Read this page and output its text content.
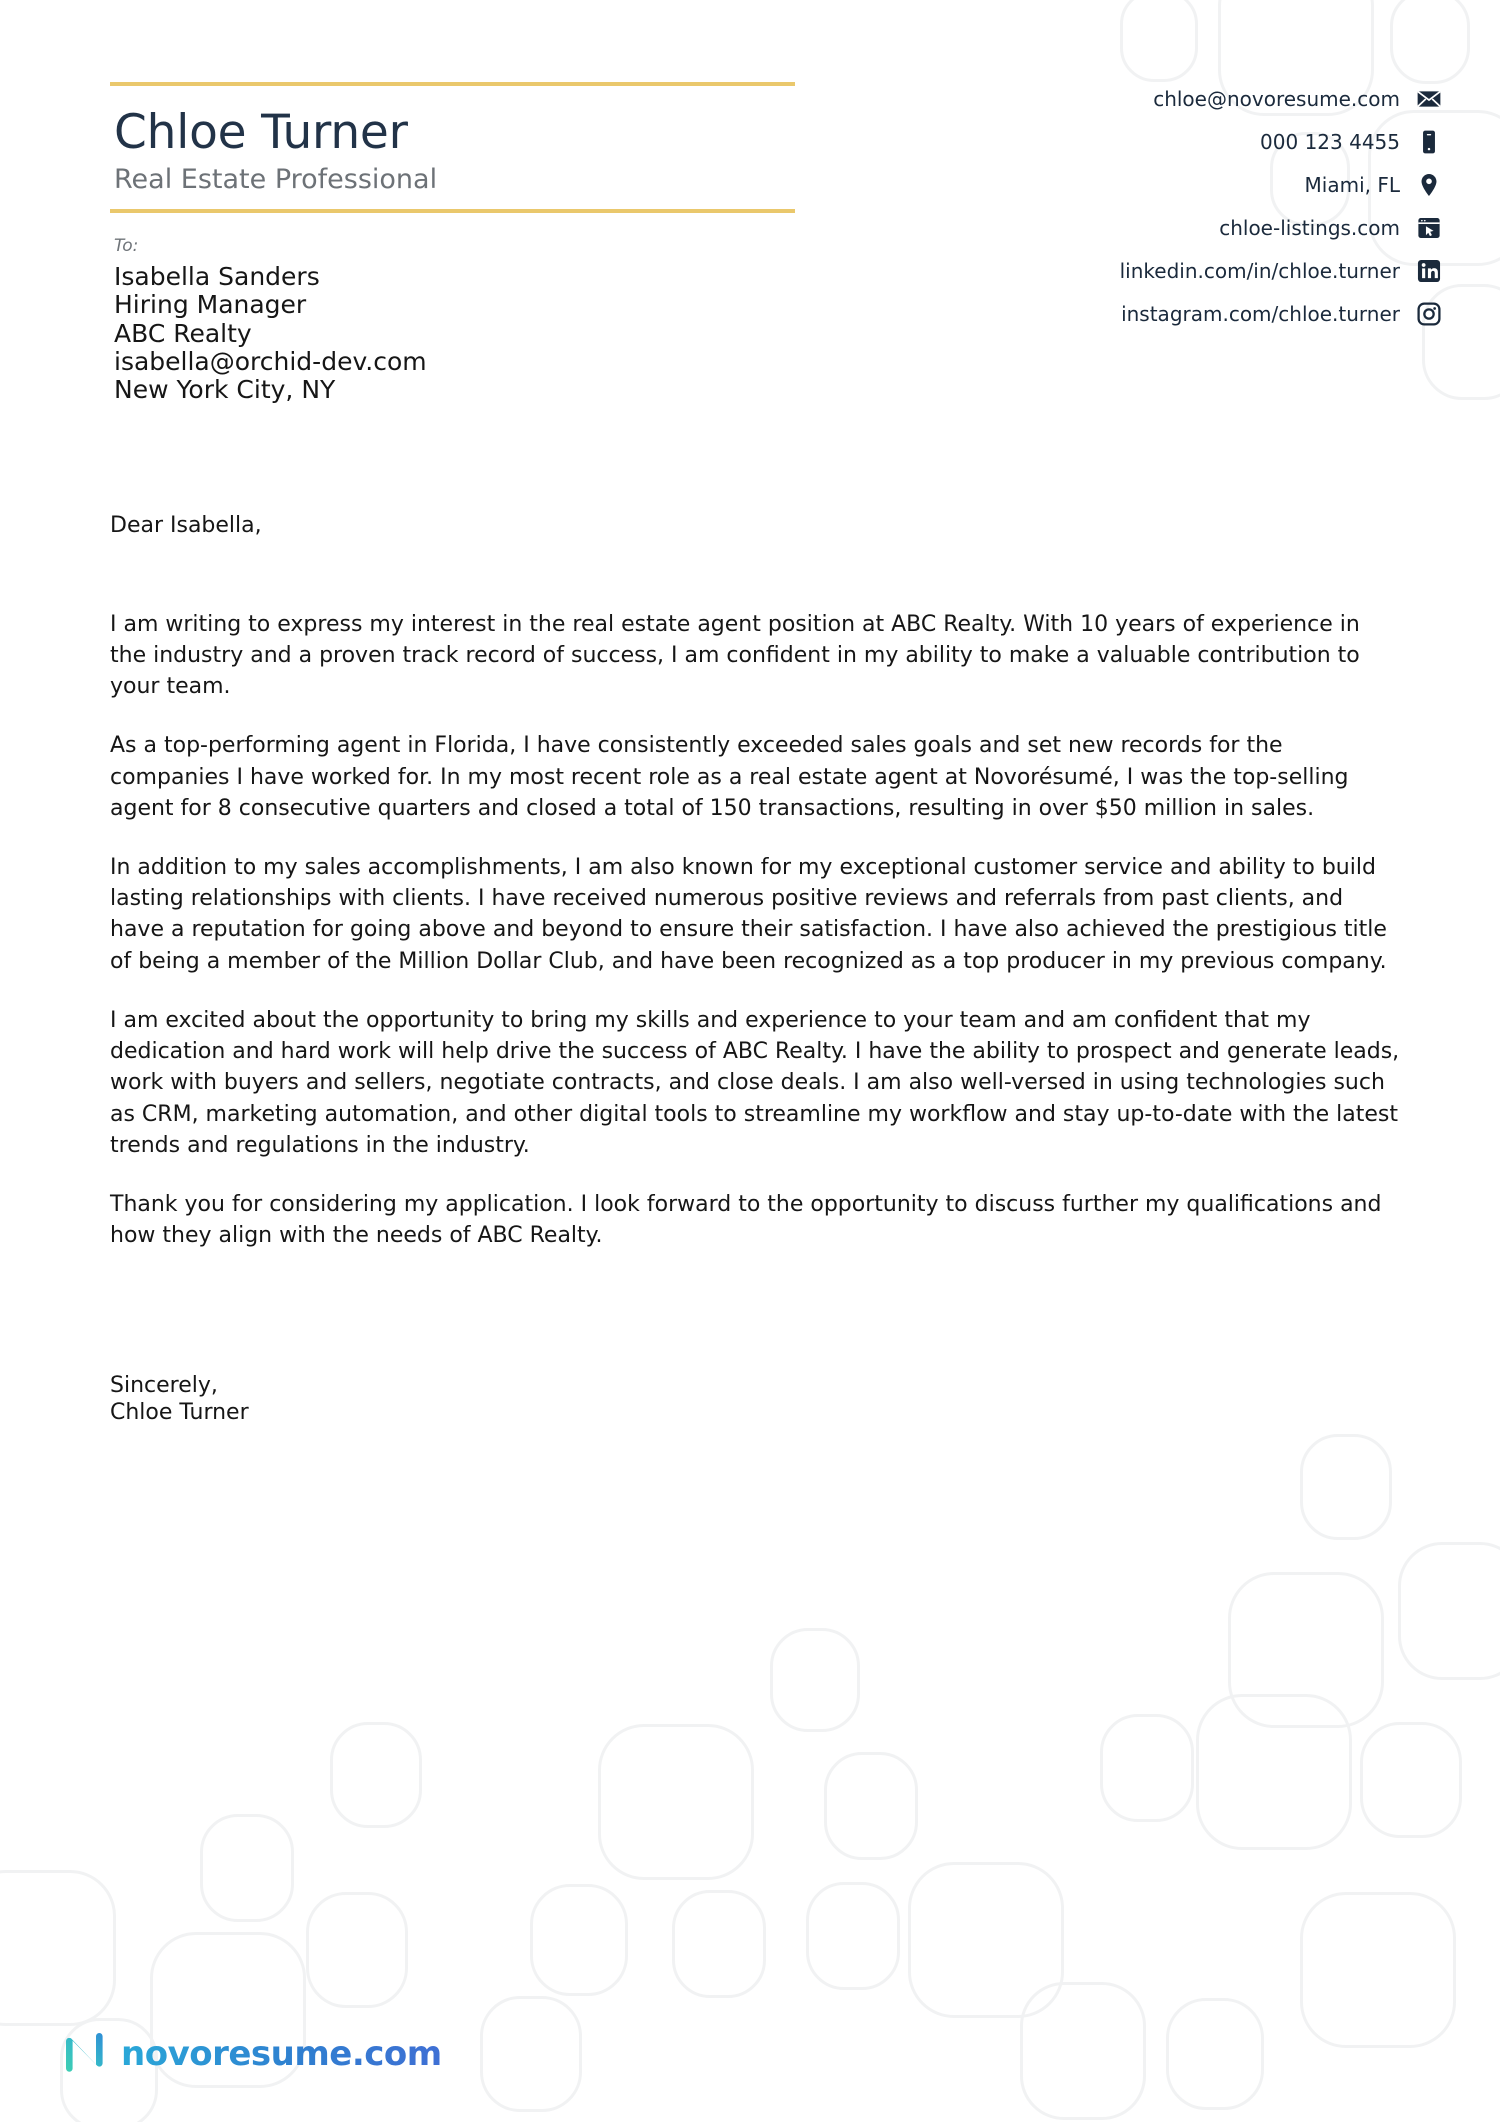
Chloe Turner
Real Estate Professional
To:
Isabella Sanders
Hiring Manager
ABC Realty
isabella@orchid-dev.com
New York City, NY
chloe@novoresume.com
000 123 4455
Miami, FL
chloe-listings.com
linkedin.com/in/chloe.turner
instagram.com/chloe.turner
Dear Isabella,

I am writing to express my interest in the real estate agent position at ABC Realty. With 10 years of experience in the industry and a proven track record of success, I am confident in my ability to make a valuable contribution to your team.

As a top-performing agent in Florida, I have consistently exceeded sales goals and set new records for the companies I have worked for. In my most recent role as a real estate agent at Novorésumé, I was the top-selling agent for 8 consecutive quarters and closed a total of 150 transactions, resulting in over $50 million in sales.

In addition to my sales accomplishments, I am also known for my exceptional customer service and ability to build lasting relationships with clients. I have received numerous positive reviews and referrals from past clients, and have a reputation for going above and beyond to ensure their satisfaction. I have also achieved the prestigious title of being a member of the Million Dollar Club, and have been recognized as a top producer in my previous company.

I am excited about the opportunity to bring my skills and experience to your team and am confident that my dedication and hard work will help drive the success of ABC Realty. I have the ability to prospect and generate leads, work with buyers and sellers, negotiate contracts, and close deals. I am also well-versed in using technologies such as CRM, marketing automation, and other digital tools to streamline my workflow and stay up-to-date with the latest trends and regulations in the industry.

Thank you for considering my application. I look forward to the opportunity to discuss further my qualifications and how they align with the needs of ABC Realty.

Sincerely,
Chloe Turner
novoresume.com
